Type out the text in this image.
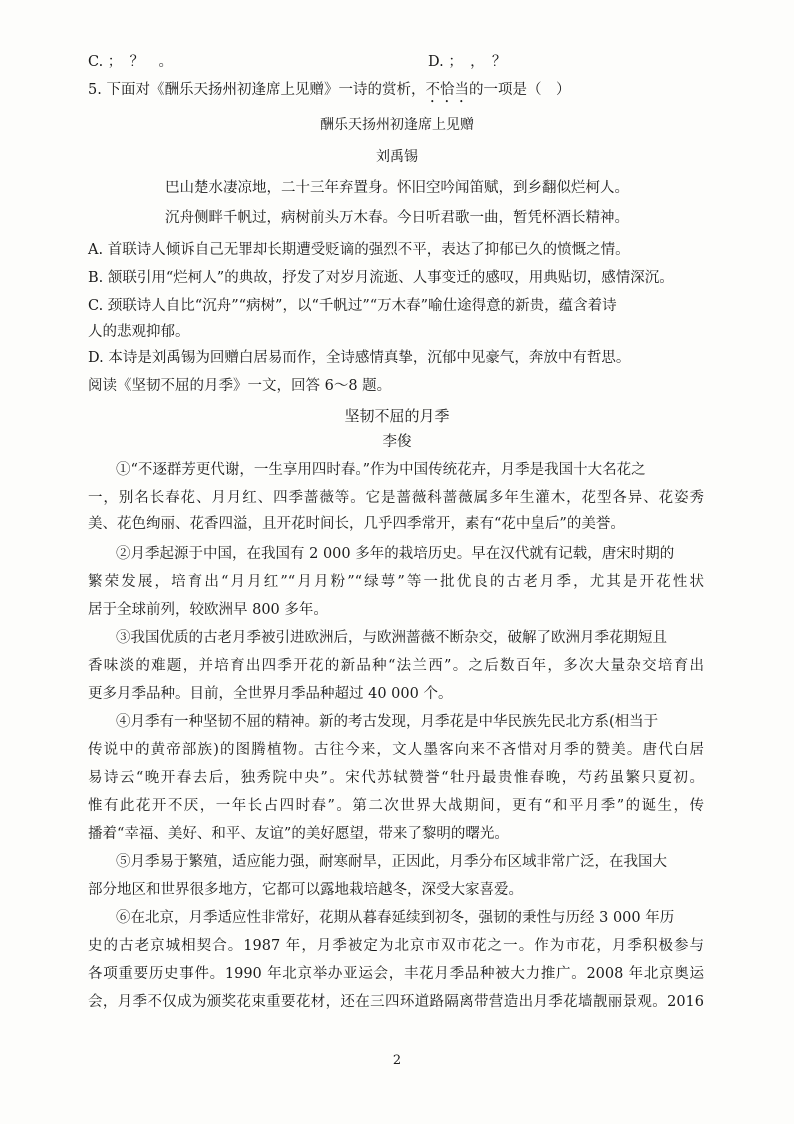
C. ；　？　。	D. ；　，　？
5. 下面对《酬乐天扬州初逢席上见赠》一诗的赏析，不恰当的一项是（　）
酬乐天扬州初逢席上见赠
刘禹锡
巴山楚水凄凉地，二十三年弃置身。怀旧空吟闻笛赋，到乡翻似烂柯人。
沉舟侧畔千帆过，病树前头万木春。今日听君歌一曲，暂凭杯酒长精神。
A. 首联诗人倾诉自己无罪却长期遭受贬谪的强烈不平，表达了抑郁已久的愤慨之情。
B. 颔联引用“烂柯人”的典故，抒发了对岁月流逝、人事变迁的感叹，用典贴切，感情深沉。
C. 颈联诗人自比“沉舟”“病树”，以“千帆过”“万木春”喻仕途得意的新贵，蕴含着诗
人的悲观抑郁。
D. 本诗是刘禹锡为回赠白居易而作，全诗感情真挚，沉郁中见豪气，奔放中有哲思。
阅读《坚韧不屈的月季》一文，回答 6～8 题。
坚韧不屈的月季
李俊
①“不逐群芳更代谢，一生享用四时春。”作为中国传统花卉，月季是我国十大名花之
一，别名长春花、月月红、四季蔷薇等。它是蔷薇科蔷薇属多年生灌木，花型各异、花姿秀
美、花色绚丽、花香四溢，且开花时间长，几乎四季常开，素有“花中皇后”的美誉。
②月季起源于中国，在我国有 2 000 多年的栽培历史。早在汉代就有记载，唐宋时期的
繁荣发展，培育出“月月红”“月月粉”“绿萼”等一批优良的古老月季，尤其是开花性状
居于全球前列，较欧洲早 800 多年。
③我国优质的古老月季被引进欧洲后，与欧洲蔷薇不断杂交，破解了欧洲月季花期短且
香味淡的难题，并培育出四季开花的新品种“法兰西”。之后数百年，多次大量杂交培育出
更多月季品种。目前，全世界月季品种超过 40 000 个。
④月季有一种坚韧不屈的精神。新的考古发现，月季花是中华民族先民北方系(相当于
传说中的黄帝部族)的图腾植物。古往今来，文人墨客向来不吝惜对月季的赞美。唐代白居
易诗云“晚开春去后，独秀院中央”。宋代苏轼赞誉“牡丹最贵惟春晚，芍药虽繁只夏初。
惟有此花开不厌，一年长占四时春”。第二次世界大战期间，更有“和平月季”的诞生，传
播着“幸福、美好、和平、友谊”的美好愿望，带来了黎明的曙光。
⑤月季易于繁殖，适应能力强，耐寒耐旱，正因此，月季分布区域非常广泛，在我国大
部分地区和世界很多地方，它都可以露地栽培越冬，深受大家喜爱。
⑥在北京，月季适应性非常好，花期从暮春延续到初冬，强韧的秉性与历经 3 000 年历
史的古老京城相契合。1987 年，月季被定为北京市双市花之一。作为市花，月季积极参与
各项重要历史事件。1990 年北京举办亚运会，丰花月季品种被大力推广。2008 年北京奥运
会，月季不仅成为颁奖花束重要花材，还在三四环道路隔离带营造出月季花墙靓丽景观。2016
2
